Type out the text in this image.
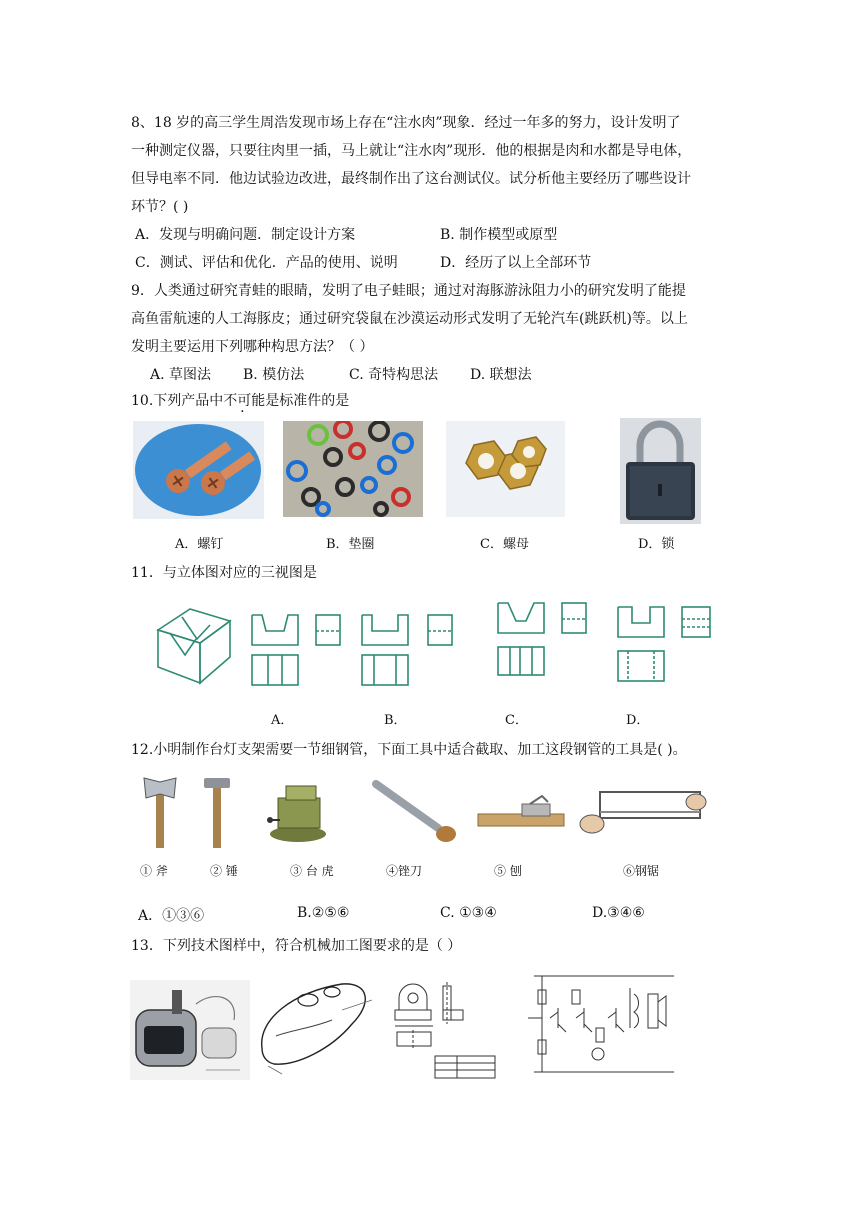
8、18 岁的高三学生周浩发现市场上存在“注水肉”现象．经过一年多的努力，设计发明了
一种测定仪器，只要往肉里一插，马上就让“注水肉”现形．他的根据是肉和水都是导电体，
但导电率不同．他边试验边改进，最终制作出了这台测试仪。试分析他主要经历了哪些设计
环节？( )
A．发现与明确问题．制定设计方案	B. 制作模型或原型
C．测试、评估和优化．产品的使用、说明	D．经历了以上全部环节
9．人类通过研究青蛙的眼睛，发明了电子蛙眼；通过对海豚游泳阻力小的研究发明了能提
高鱼雷航速的人工海豚皮；通过研究袋鼠在沙漠运动形式发明了无轮汽车(跳跃机)等。以上
发明主要运用下列哪种构思方法？（ ）
A. 草图法 B. 模仿法	C. 奇特构思法 D. 联想法
10.下列产品中不可能是标准件的是
A．螺钉	B．垫圈	C．螺母	D．锁
11．与立体图对应的三视图是
A．	B．	C．	D．
12.小明制作台灯支架需要一节细钢管，下面工具中适合截取、加工这段钢管的工具是( )。
① 斧	② 锤	③ 台 虎	④锉刀	⑤ 刨	⑥钢锯
A．①③⑥	B.②⑤⑥	C. ①③④	D.③④⑥
13．下列技术图样中，符合机械加工图要求的是（ ）
